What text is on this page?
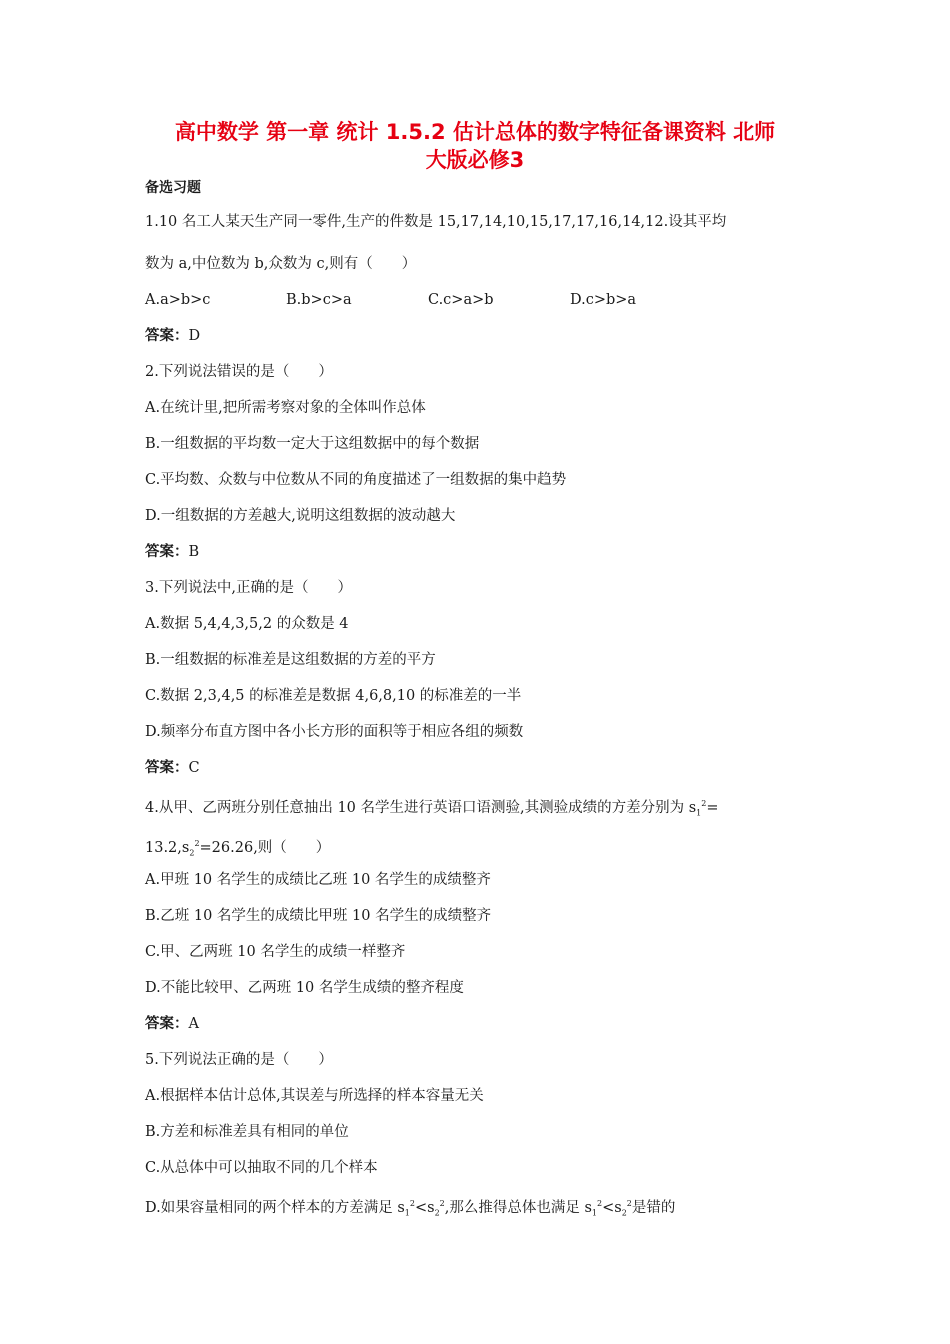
高中数学 第一章 统计 1.5.2 估计总体的数字特征备课资料 北师
大版必修3
备选习题
1.10 名工人某天生产同一零件,生产的件数是 15,17,14,10,15,17,17,16,14,12.设其平均
数为 a,中位数为 b,众数为 c,则有（　　）
A.a>b>c	B.b>c>a	C.c>a>b	D.c>b>a
答案：D
2.下列说法错误的是（　　）
A.在统计里,把所需考察对象的全体叫作总体
B.一组数据的平均数一定大于这组数据中的每个数据
C.平均数、众数与中位数从不同的角度描述了一组数据的集中趋势
D.一组数据的方差越大,说明这组数据的波动越大
答案：B
3.下列说法中,正确的是（　　）
A.数据 5,4,4,3,5,2 的众数是 4
B.一组数据的标准差是这组数据的方差的平方
C.数据 2,3,4,5 的标准差是数据 4,6,8,10 的标准差的一半
D.频率分布直方图中各小长方形的面积等于相应各组的频数
答案：C
4.从甲、乙两班分别任意抽出 10 名学生进行英语口语测验,其测验成绩的方差分别为 $s_1^2=$
$13.2,s_2^2=26.26$,则（　　）
A.甲班 10 名学生的成绩比乙班 10 名学生的成绩整齐
B.乙班 10 名学生的成绩比甲班 10 名学生的成绩整齐
C.甲、乙两班 10 名学生的成绩一样整齐
D.不能比较甲、乙两班 10 名学生成绩的整齐程度
答案：A
5.下列说法正确的是（　　）
A.根据样本估计总体,其误差与所选择的样本容量无关
B.方差和标准差具有相同的单位
C.从总体中可以抽取不同的几个样本
D.如果容量相同的两个样本的方差满足 $s_1^2<s_2^2$,那么推得总体也满足 $s_1^2<s_2^2$是错的
